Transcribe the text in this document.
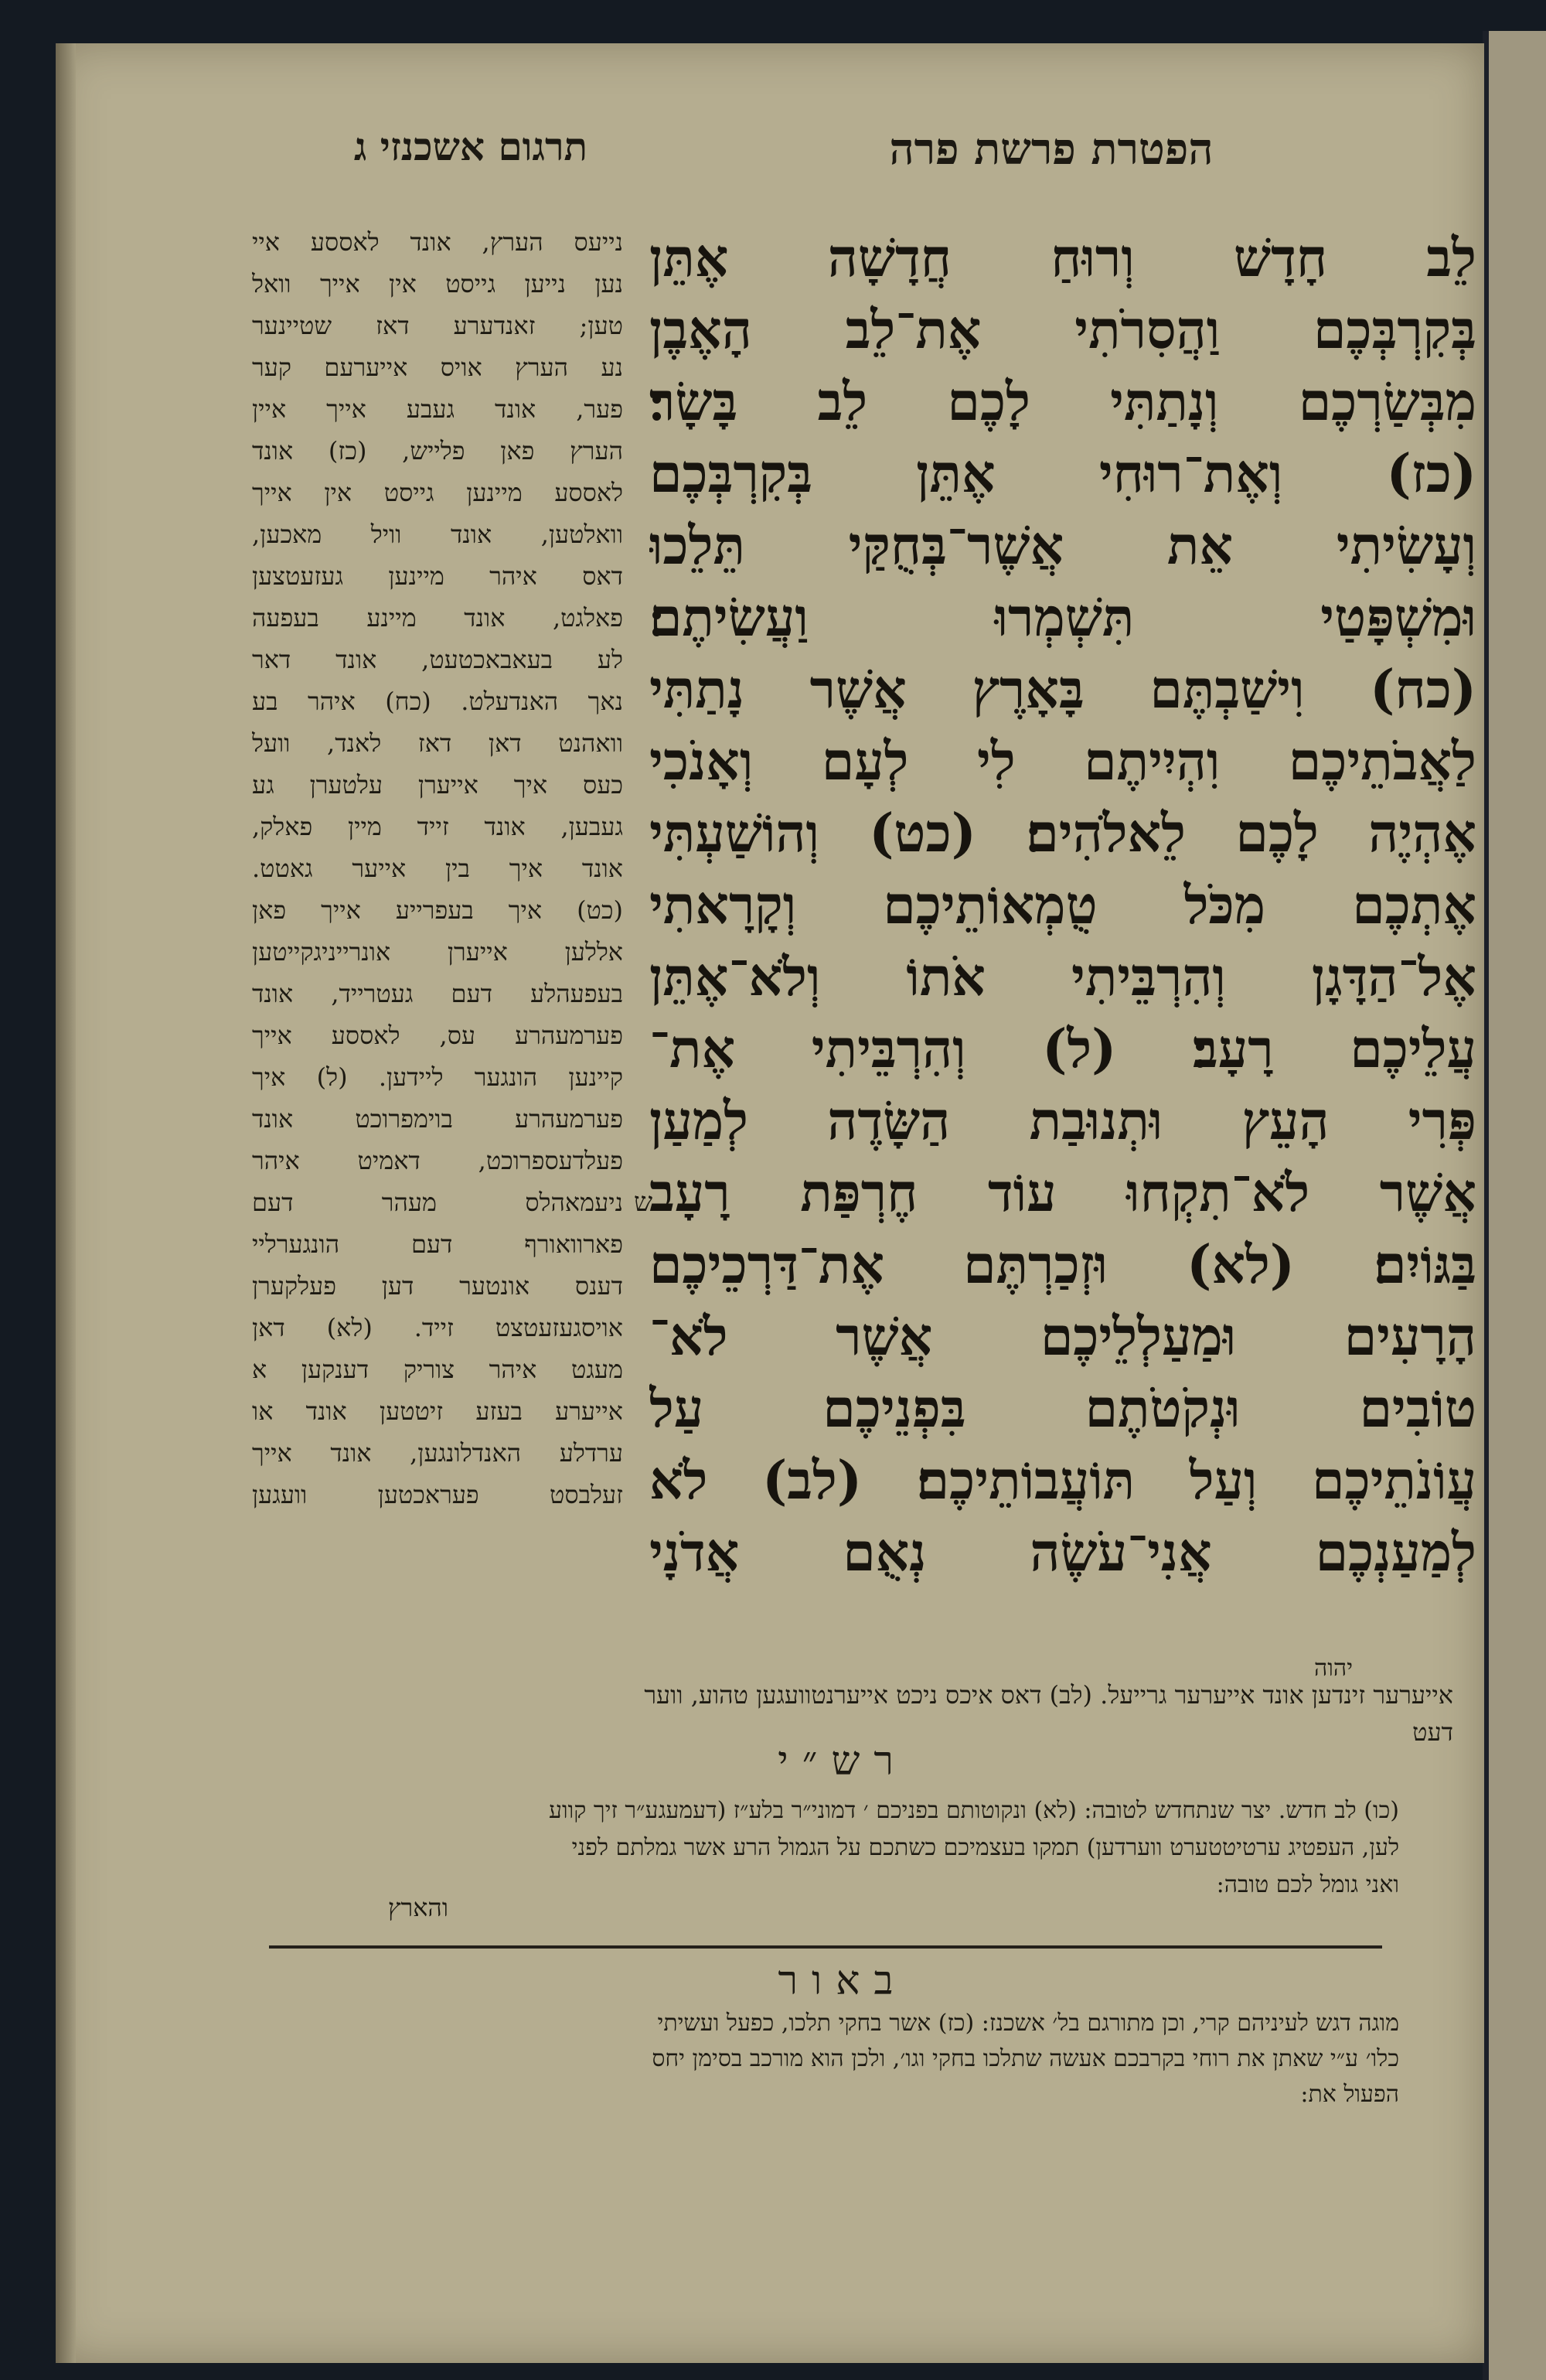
תרגום אשכנזי ג	הפטרת פרשת פרה
נייעס הערץ, אונד לאססע איי
נען נייען גייסט אין אייך וואל
טען; זאנדערע דאז שטיינער
נע הערץ אויס אייערעם קער
פער, אונד געבע אייך איין
הערץ פאן פלייש, (כז) אונד
לאססע מיינען גייסט אין אייך
וואלטען, אונד וויל מאכען,
דאס איהר מיינען געזעטצען
פאלגט, אונד מיינע בעפעה
לע בעאבאכטעט, אונד דאר
נאך האנדעלט. (כח) איהר בע
וואהנט דאן דאז לאנד, וועל
כעס איך אייערן עלטערן גע
געבען, אונד זייד מיין פאלק,
אונד איך בין אייער גאטט.
(כט) איך בעפרייע אייך פאן
אללען אייערן אונרייניגקייטען
בעפעהלע דעם געטרייד, אונד
פערמעהרע עס, לאססע אייך
קיינען הונגער ליידען. (ל) איך
פערמעהרע בוימפרוכט אונד
פעלדעספרוכט, דאמיט איהר
ניעמאהלס מעהר דעם
פארוואורף דעם הונגערליי
דענס אונטער דען פעלקערן
אויסגעזעטצט זייד. (לא) דאן
מעגט איהר צוריק דענקען א
אייערע בעזע זיטטען אונד או
ערדלע האנדלונגען, אונד אייך
זעלבסט פעראכטען וועגען
ש
לֵב חָדָשׁ וְרוּחַ חֲדָשָׁה אֶתֵּן
בְּקִרְבְּכֶם וַהֲסִרֹתִי אֶת־לֵב הָאֶבֶן
מִבְּשַׂרְכֶם וְנָתַתִּי לָכֶם לֵב בָּשָׂר׃
(כז) וְאֶת־רוּחִי אֶתֵּן בְּקִרְבְּכֶם
וְעָשִׂיתִי אֵת אֲשֶׁר־בְּחֻקַּי תֵּלֵכוּ
וּמִשְׁפָּטַי תִּשְׁמְרוּ וַעֲשִׂיתֶם׃
(כח) וִישַׁבְתֶּם בָּאָרֶץ אֲשֶׁר נָתַתִּי
לַאֲבֹתֵיכֶם וִהְיִיתֶם לִי לְעָם וְאָנֹכִי
אֶהְיֶה לָכֶם לֵאלֹהִים׃ (כט) וְהוֹשַׁעְתִּי
אֶתְכֶם מִכֹּל טֻמְאוֹתֵיכֶם וְקָרָאתִי
אֶל־הַדָּגָן וְהִרְבֵּיתִי אֹתוֹ וְלֹא־אֶתֵּן
עֲלֵיכֶם רָעָב׃ (ל) וְהִרְבֵּיתִי אֶת־
פְּרִי הָעֵץ וּתְנוּבַת הַשָּׂדֶה לְמַעַן
אֲשֶׁר לֹא־תִקְחוּ עוֹד חֶרְפַּת רָעָב
בַּגּוֹיִם׃ (לא) וּזְכַרְתֶּם אֶת־דַּרְכֵיכֶם
הָרָעִים וּמַעַלְלֵיכֶם אֲשֶׁר לֹא־
טוֹבִים וּנְקֹטֹתֶם בִּפְנֵיכֶם עַל
עֲוֹנֹתֵיכֶם וְעַל תּוֹעֲבוֹתֵיכֶם׃ (לב) לֹא
לְמַעַנְכֶם אֲנִי־עֹשֶׂה נְאֻם אֲדֹנָי
יהוה
אייערער זינדען אונד אייערער גרייעל. (לב) דאס איכס ניכט אייערנטוועגען טהוע, ווער
דעט
רש״י
(כו) לב חדש. יצר שנתחדש לטובה: (לא) ונקוטותם בפניכם ׳ דמוני״ר בלע״ז (דעמעגע״ר זיך קווע
לען, העפטיג ערטיטטערט ווערדען) תמקו בעצמיכם כשתכם על הגמול הרע אשר גמלתם לפני
ואני גומל לכם טובה:
והארץ
באור
מוגה דגש לעיניהם קרי, וכן מתורגם בל׳ אשכנז: (כז) אשר בחקי תלכו, כפעל ועשיתי
כלו׳ ע״י שאתן את רוחי בקרבכם אעשה שתלכו בחקי וגו׳, ולכן הוא מורכב בסימן יחס
הפעול את:
